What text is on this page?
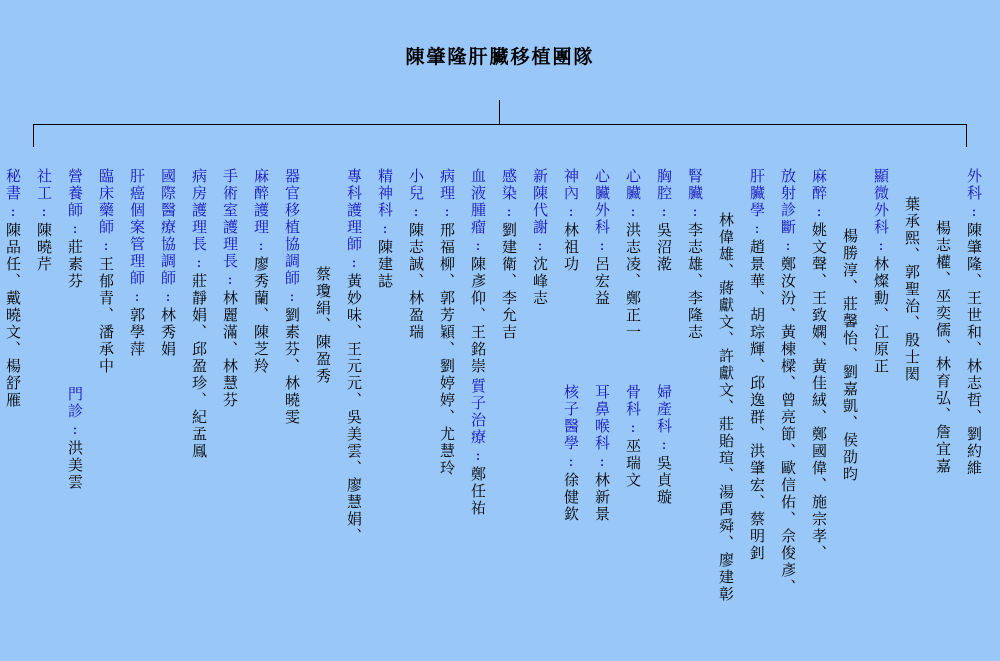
陳肇隆肝臟移植團隊
外科:陳肇隆、王世和、林志哲、劉約維
楊志權、巫奕儒、林育弘、詹宜嘉
葉承熙、郭聖治、殷士閎
顯微外科:林燦勳、江原正
楊勝淳、莊馨怡、劉嘉凱、侯劭昀
麻醉:姚文聲、王致嫻、黃佳絨、鄭國偉、施宗孝、
放射診斷:鄭汝汾、黃棟樑、曾亮節、歐信佑、佘俊彥、
肝臟學:趙景華、胡琮輝、邱逸群、洪肇宏、蔡明釗
林偉雄、蔣獻文、許獻文、莊貽瑄、湯禹舜、廖建彰
腎臟:李志雄、李隆志
胸腔:吳沼漧
婦產科:吳貞璇
心臟:洪志凌、鄭正一
骨科:巫瑞文
心臟外科:呂宏益
耳鼻喉科:林新景
神內:林祖功
核子醫學:徐健欽
新陳代謝:沈峰志
感染:劉建衛、李允吉
血液腫瘤:陳彥仰、王銘崇
質子治療:鄭任祐
病理:邢福柳、郭芳穎、劉婷婷、尤慧玲
小兒:陳志誠、林盈瑞
精神科:陳建誌
專科護理師:黃妙味、王元元、吳美雲、廖慧娟、
蔡瓊絹、陳盈秀
器官移植協調師:劉素芬、林曉雯
麻醉護理:廖秀蘭、陳芝羚
手術室護理長:林麗滿、林慧芬
病房護理長:莊靜娟、邱盈珍、紀孟鳳
國際醫療協調師:林秀娟
肝癌個案管理師:郭學萍
臨床藥師:王郁青、潘承中
營養師:莊素芬
門診:洪美雲
社工:陳曉芹
秘書:陳品任、戴曉文、楊舒雁
